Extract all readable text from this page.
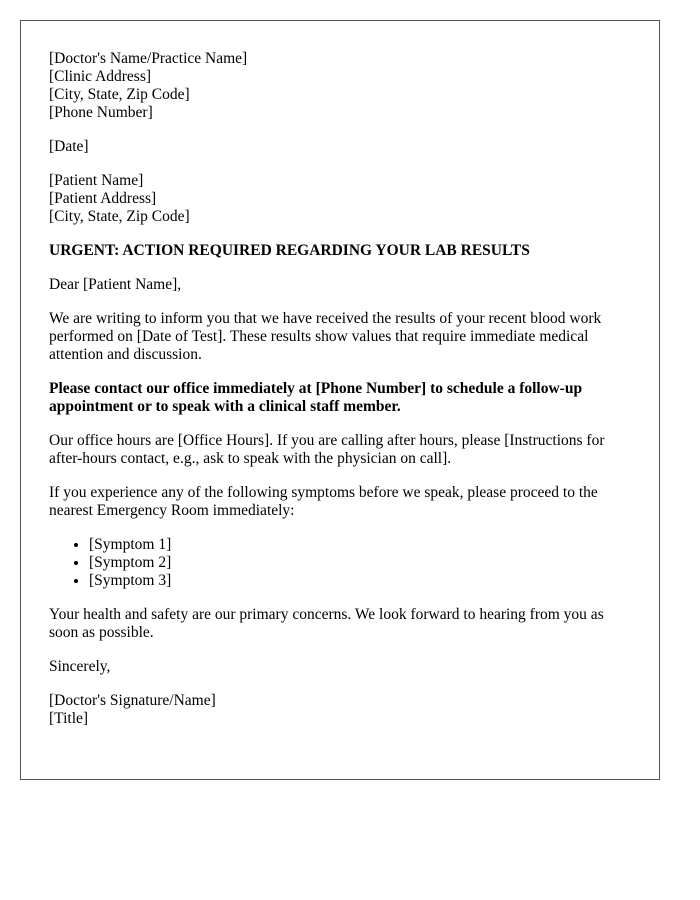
[Doctor's Name/Practice Name]
[Clinic Address]
[City, State, Zip Code]
[Phone Number]
[Date]
[Patient Name]
[Patient Address]
[City, State, Zip Code]
URGENT: ACTION REQUIRED REGARDING YOUR LAB RESULTS

Dear [Patient Name],

We are writing to inform you that we have received the results of your recent blood work performed on [Date of Test]. These results show values that require immediate medical attention and discussion.

Please contact our office immediately at [Phone Number] to schedule a follow-up appointment or to speak with a clinical staff member.

Our office hours are [Office Hours]. If you are calling after hours, please [Instructions for after-hours contact, e.g., ask to speak with the physician on call].

If you experience any of the following symptoms before we speak, please proceed to the nearest Emergency Room immediately:

• [Symptom 1]
• [Symptom 2]
• [Symptom 3]

Your health and safety are our primary concerns. We look forward to hearing from you as soon as possible.

Sincerely,

[Doctor's Signature/Name]
[Title]
